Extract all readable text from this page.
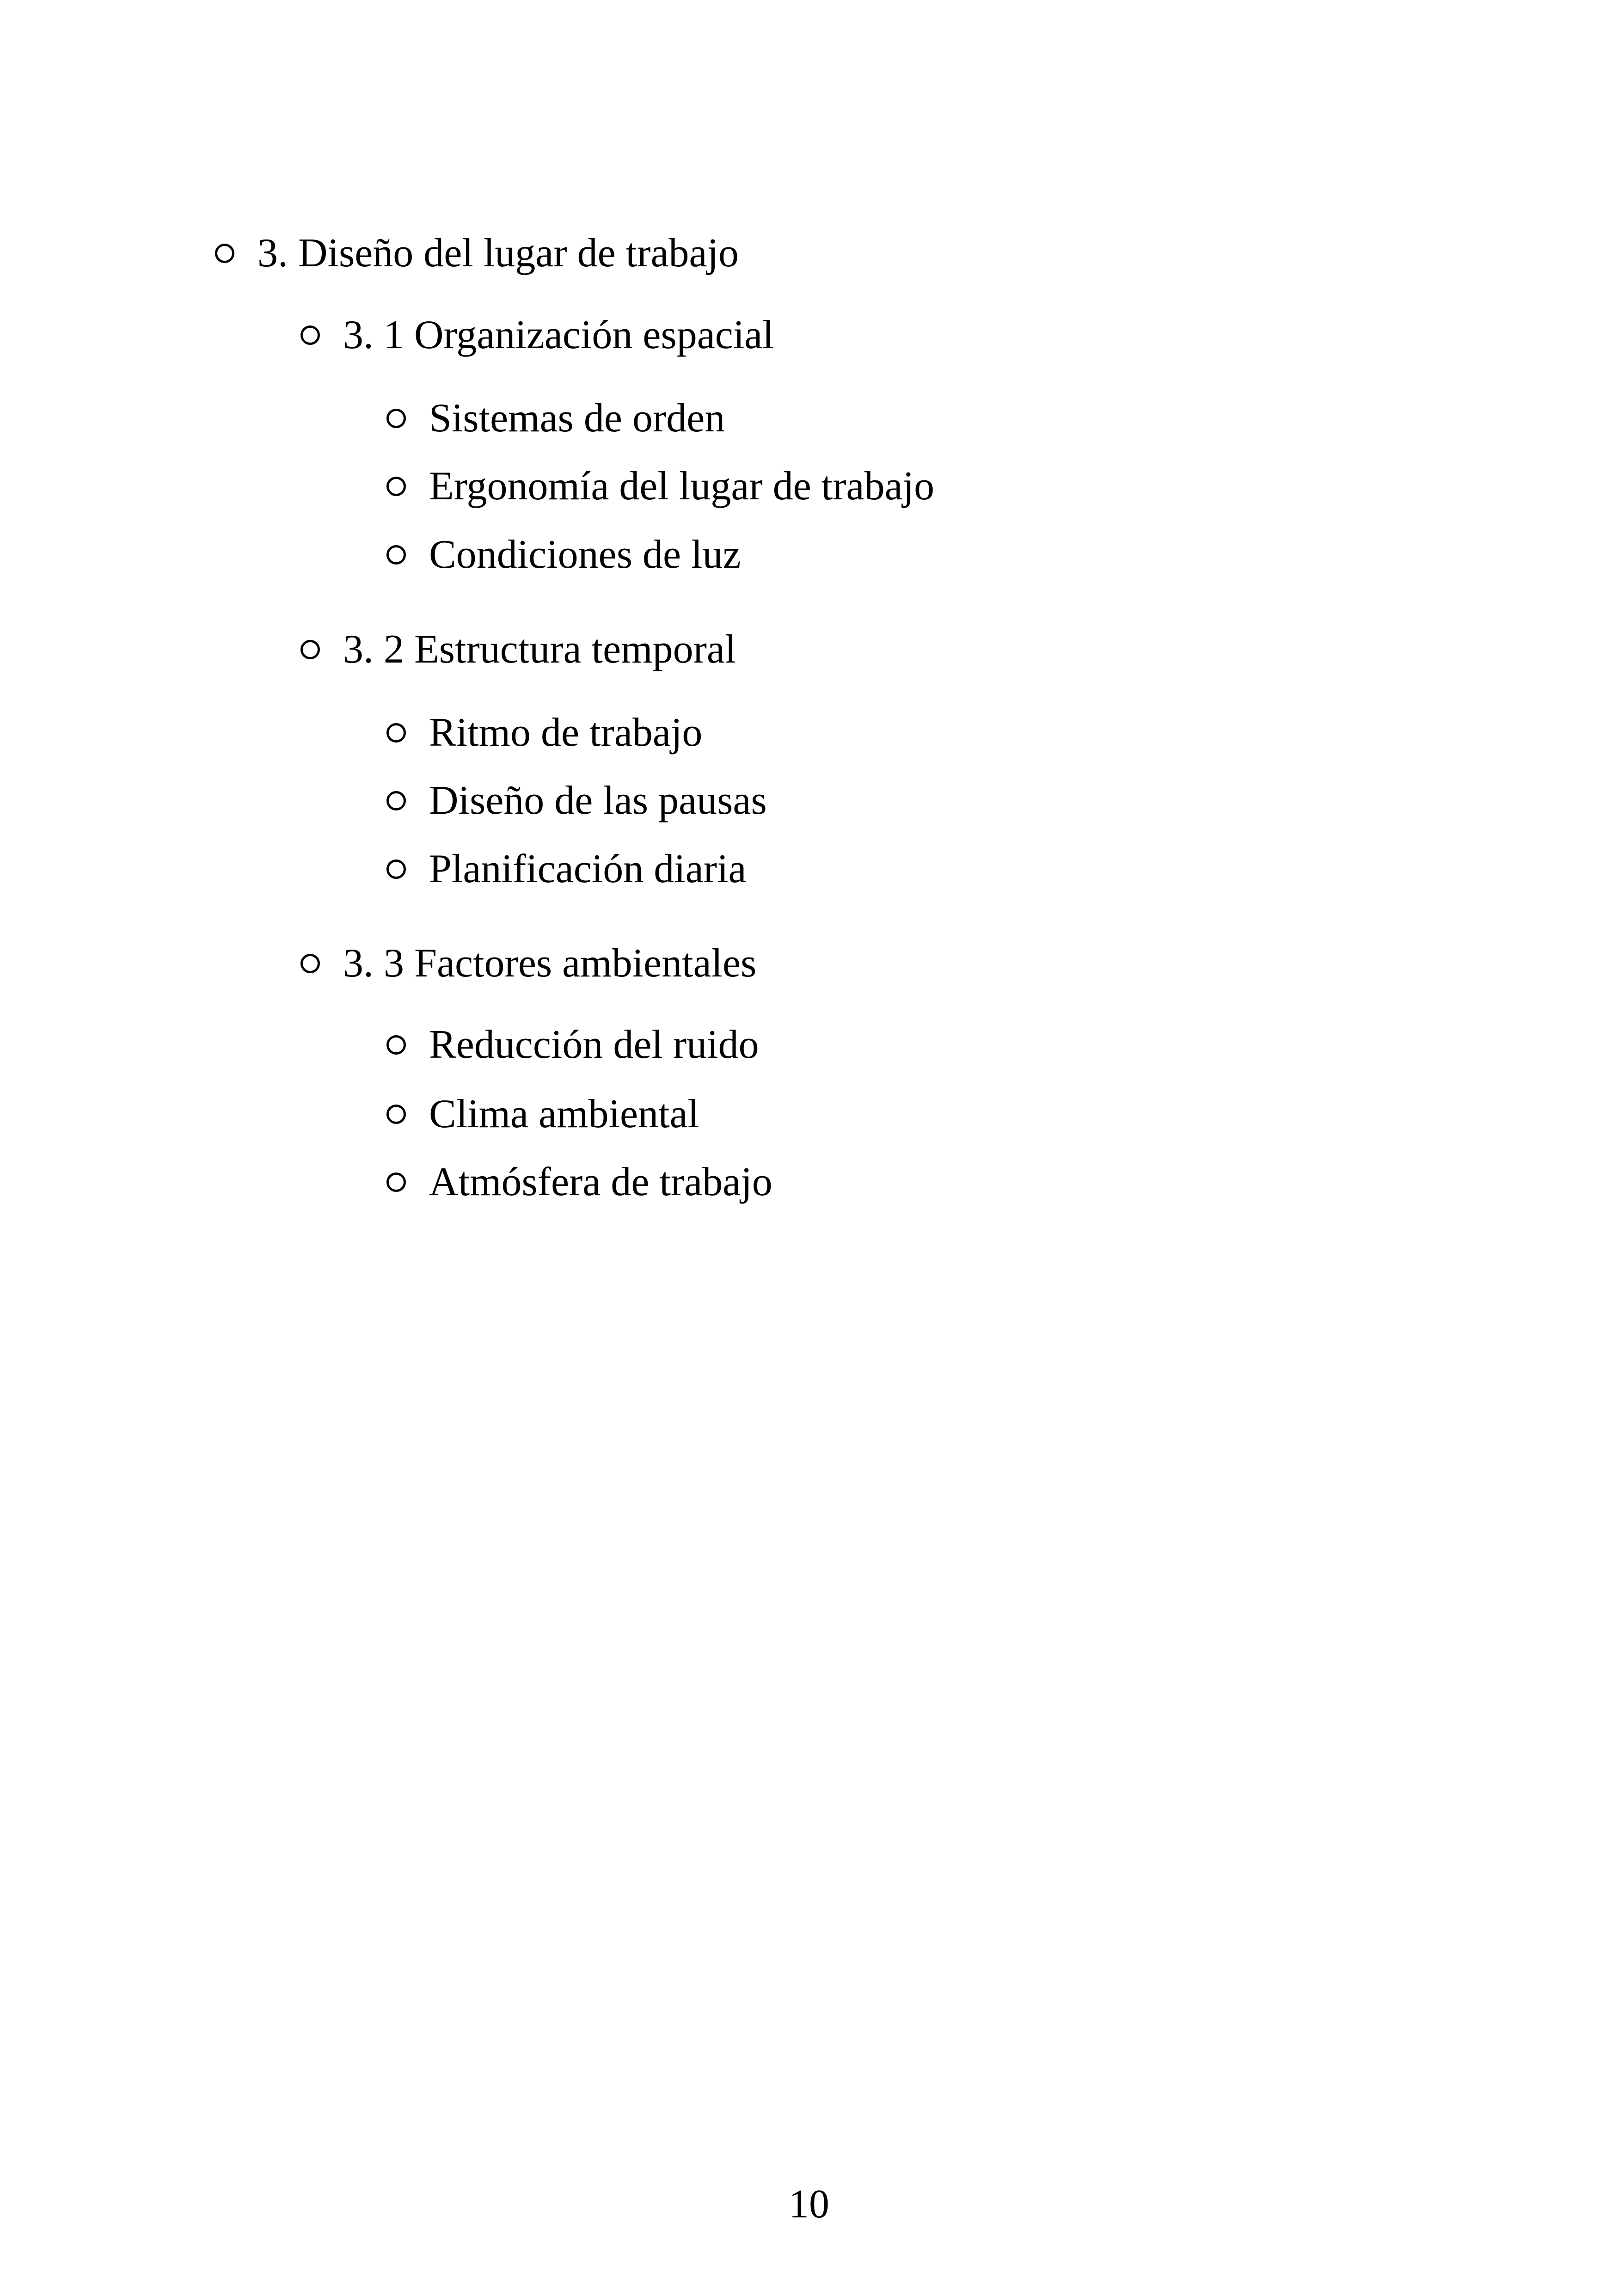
3. Diseño del lugar de trabajo
3. 1 Organización espacial
Sistemas de orden
Ergonomía del lugar de trabajo
Condiciones de luz
3. 2 Estructura temporal
Ritmo de trabajo
Diseño de las pausas
Planificación diaria
3. 3 Factores ambientales
Reducción del ruido
Clima ambiental
Atmósfera de trabajo
10
